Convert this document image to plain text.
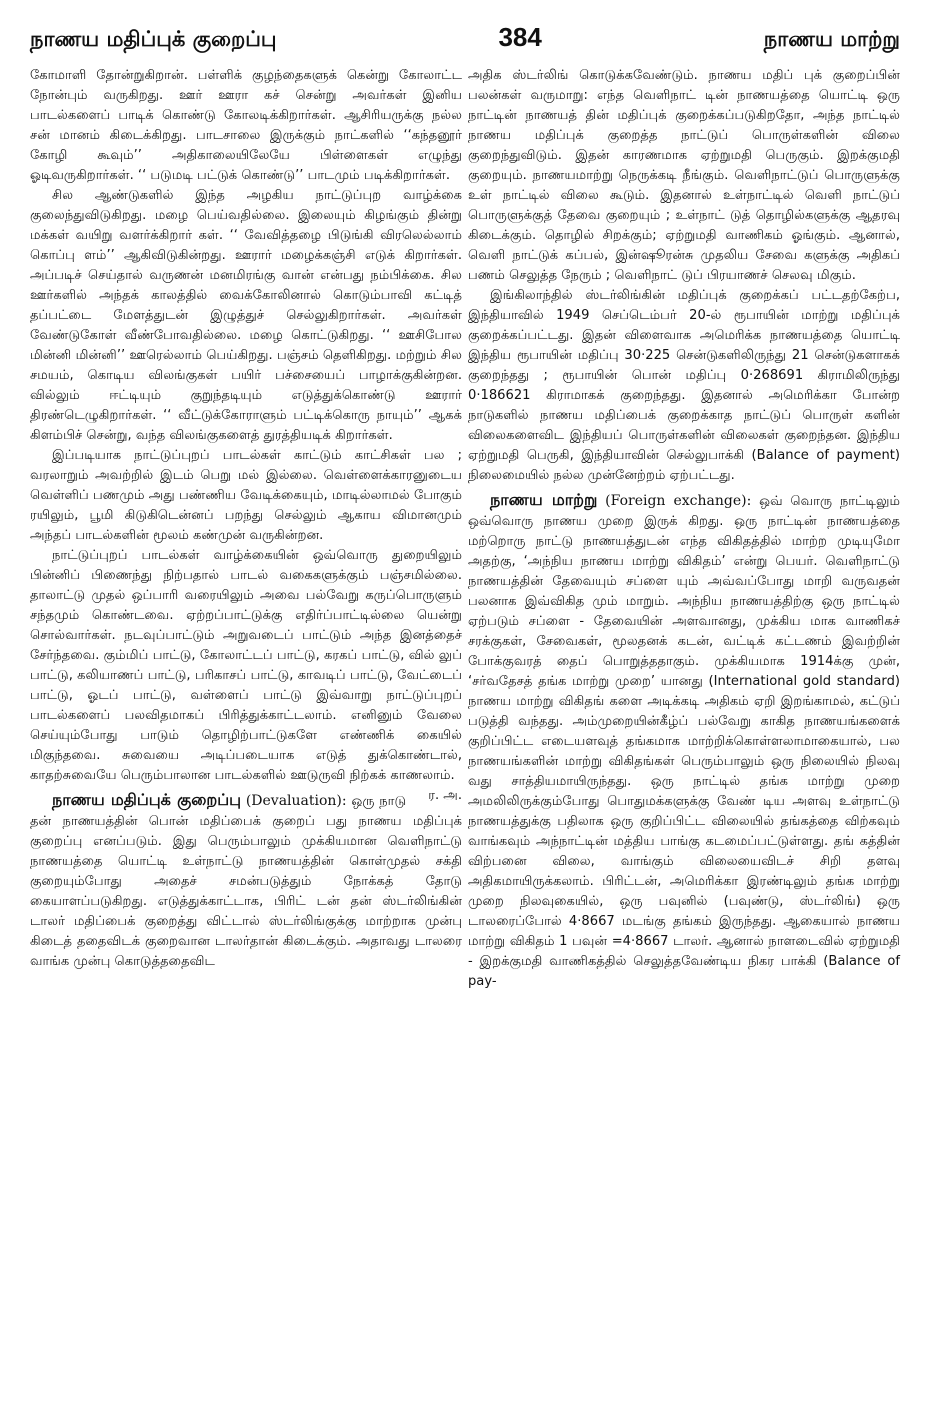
நாணய மதிப்புக் குறைப்பு	384	நாணய மாற்று

கோமாளி தோன்றுகிறான். பள்ளிக் குழந்தைகளுக் கென்று கோலாட்ட நோன்பும் வருகிறது. ஊர் ஊரா கச் சென்று அவர்கள் இனிய பாடல்களைப் பாடிக் கொண்டு கோலடிக்கிறார்கள். ஆசிரியருக்கு நல்ல சன் மானம் கிடைக்கிறது. பாடசாலை இருக்கும் நாட்களில் ‘‘கந்தனூர் கோழி கூவும்’’ அதிகாலையிலேயே பிள்ளைகள் எழுந்து ஓடிவருகிறார்கள். ‘‘ படுமடி பட்டுக் கொண்டு’’ பாடமும் படிக்கிறார்கள்.

சில ஆண்டுகளில் இந்த அழகிய நாட்டுப்புற வாழ்க்கை குலைந்துவிடுகிறது. மழை பெய்வதில்லை. இலையும் கிழங்கும் தின்று மக்கள் வயிறு வளர்க்கிறார் கள். ‘‘ வேவித்தழை பிடுங்கி விரலெல்லாம் கொப்பு ளம்’’ ஆகிவிடுகின்றது. ஊரார் மழைக்கஞ்சி எடுக் கிறார்கள். அப்படிச் செய்தால் வருணன் மனமிரங்கு வான் என்பது நம்பிக்கை. சில ஊர்களில் அந்தக் காலத்தில் வைக்கோலினால் கொடும்பாவி கட்டித் தப்பட்டை மேளத்துடன் இழுத்துச் செல்லுகிறார்கள். அவர்கள் வேண்டுகோள் வீண்போவதில்லை. மழை கொட்டுகிறது. ‘‘ ஊசிபோல மின்னி மின்னி’’ ஊரெல்லாம் பெய்கிறது. பஞ்சம் தெளிகிறது. மற்றும் சில சமயம், கொடிய விலங்குகள் பயிர் பச்சையைப் பாழாக்குகின்றன. வில்லும் ஈட்டியும் குறுந்தடியும் எடுத்துக்கொண்டு ஊரார் திரண்டெழுகிறார்கள். ‘‘ வீட்டுக்கோராளும் பட்டிக்கொரு நாயும்’’ ஆகக் கிளம்பிச் சென்று, வந்த விலங்குகளைத் துரத்தியடிக் கிறார்கள்.

இப்படியாக நாட்டுப்புறப் பாடல்கள் காட்டும் காட்சிகள் பல ; வரலாறும் அவற்றில் இடம் பெறு மல் இல்லை. வெள்ளைக்காரனுடைய வெள்ளிப் பணமும் அது பண்ணிய வேடிக்கையும், மாடில்லாமல் போகும் ரயிலும், பூமி கிடுகிடென்னப் பறந்து செல்லும் ஆகாய விமானமும் அந்தப் பாடல்களின் மூலம் கண்முன் வருகின்றன.

நாட்டுப்புறப் பாடல்கள் வாழ்க்கையின் ஒவ்வொரு துறையிலும் பின்னிப் பிணைந்து நிற்பதால் பாடல் வகைகளுக்கும் பஞ்சமில்லை. தாலாட்டு முதல் ஒப்பாரி வரையிலும் அவை பல்வேறு கருப்பொருளும் சந்தமும் கொண்டவை. ஏற்றப்பாட்டுக்கு எதிர்ப்பாட்டில்லை யென்று சொல்வார்கள். நடவுப்பாட்டும் அறுவடைப் பாட்டும் அந்த இனத்தைச் சேர்ந்தவை. கும்மிப் பாட்டு, கோலாட்டப் பாட்டு, கரகப் பாட்டு, வில் லுப் பாட்டு, கலியாணப் பாட்டு, பரிகாசப் பாட்டு, காவடிப் பாட்டு, வேட்டைப் பாட்டு, ஓடப் பாட்டு, வள்ளைப் பாட்டு இவ்வாறு நாட்டுப்புறப் பாடல்களைப் பலவிதமாகப் பிரித்துக்காட்டலாம். எனினும் வேலை செய்யும்போது பாடும் தொழிற்பாட்டுகளே எண்ணிக் கையில் மிகுந்தவை. சுவையை அடிப்படையாக எடுத் துக்கொண்டால், காதற்சுவையே பெரும்பாலான பாடல்களில் ஊடுருவி நிற்கக் காணலாம்.
ர. அ.

நாணய மதிப்புக் குறைப்பு (Devaluation): ஒரு நாடு தன் நாணயத்தின் பொன் மதிப்பைக் குறைப் பது நாணய மதிப்புக் குறைப்பு எனப்படும். இது பெரும்பாலும் முக்கியமான வெளிநாட்டு நாணயத்தை யொட்டி உள்நாட்டு நாணயத்தின் கொள்முதல் சக்தி குறையும்போது அதைச் சமன்படுத்தும் நோக்கத் தோடு கையாளப்படுகிறது. எடுத்துக்காட்டாக, பிரிட் டன் தன் ஸ்டர்லிங்கின் டாலர் மதிப்பைக் குறைத்து விட்டால் ஸ்டர்லிங்குக்கு மாற்றாக முன்பு கிடைத் ததைவிடக் குறைவான டாலர்தான் கிடைக்கும். அதாவது டாலரை வாங்க முன்பு கொடுத்ததைவிட

அதிக ஸ்டர்லிங் கொடுக்கவேண்டும். நாணய மதிப் புக் குறைப்பின் பலன்கள் வருமாறு: எந்த வெளிநாட் டின் நாணயத்தை யொட்டி ஒரு நாட்டின் நாணயத் தின் மதிப்புக் குறைக்கப்படுகிறதோ, அந்த நாட்டில் நாணய மதிப்புக் குறைத்த நாட்டுப் பொருள்களின் விலை குறைந்துவிடும். இதன் காரணமாக ஏற்றுமதி பெருகும். இறக்குமதி குறையும். நாணயமாற்று நெருக்கடி நீங்கும். வெளிநாட்டுப் பொருளுக்கு உள் நாட்டில் விலை கூடும். இதனால் உள்நாட்டில் வெளி நாட்டுப் பொருளுக்குத் தேவை குறையும் ; உள்நாட் டுத் தொழில்களுக்கு ஆதரவு கிடைக்கும். தொழில் சிறக்கும்; ஏற்றுமதி வாணிகம் ஓங்கும். ஆனால், வெளி நாட்டுக் கப்பல், இன்ஷூரன்சு முதலிய சேவை களுக்கு அதிகப் பணம் செலுத்த நேரும் ; வெளிநாட் டுப் பிரயாணச் செலவு மிகும்.

இங்கிலாந்தில் ஸ்டர்லிங்கின் மதிப்புக் குறைக்கப் பட்டதற்கேற்ப, இந்தியாவில் 1949 செப்டெம்பர் 20-ல் ரூபாயின் மாற்று மதிப்புக் குறைக்கப்பட்டது. இதன் விளைவாக அமெரிக்க நாணயத்தை யொட்டி இந்திய ரூபாயின் மதிப்பு 30·225 சென்டுகளிலிருந்து 21 சென்டுகளாகக் குறைந்தது ; ரூபாயின் பொன் மதிப்பு 0·268691 கிராமிலிருந்து 0·186621 கிராமாகக் குறைந்தது. இதனால் அமெரிக்கா போன்ற நாடுகளில் நாணய மதிப்பைக் குறைக்காத நாட்டுப் பொருள் களின் விலைகளைவிட இந்தியப் பொருள்களின் விலைகள் குறைந்தன. இந்திய ஏற்றுமதி பெருகி, இந்தியாவின் செல்லுபாக்கி (Balance of payment) நிலைமையில் நல்ல முன்னேற்றம் ஏற்பட்டது.

நாணய மாற்று (Foreign exchange): ஒவ் வொரு நாட்டிலும் ஒவ்வொரு நாணய முறை இருக் கிறது. ஒரு நாட்டின் நாணயத்தை மற்றொரு நாட்டு நாணயத்துடன் எந்த விகிதத்தில் மாற்ற முடியுமோ அதற்கு, ‘அந்நிய நாணய மாற்று விகிதம்’ என்று பெயர். வெளிநாட்டு நாணயத்தின் தேவையும் சப்ளை யும் அவ்வப்போது மாறி வருவதன் பலனாக இவ்விகித மும் மாறும். அந்நிய நாணயத்திற்கு ஒரு நாட்டில் ஏற்படும் சப்ளை - தேவையின் அளவானது, முக்கிய மாக வாணிகச் சரக்குகள், சேவைகள், மூலதனக் கடன், வட்டிக் கட்டணம் இவற்றின் போக்குவரத் தைப் பொறுத்ததாகும். முக்கியமாக 1914க்கு முன், ‘சர்வதேசத் தங்க மாற்று முறை’ யானது (International gold standard) நாணய மாற்று விகிதங் களை அடிக்கடி அதிகம் ஏறி இறங்காமல், கட்டுப் படுத்தி வந்தது. அம்முறையின்கீழ்ப் பல்வேறு காகித நாணயங்களைக் குறிப்பிட்ட எடையளவுத் தங்கமாக மாற்றிக்கொள்ளலாமாகையால், பல நாணயங்களின் மாற்று விகிதங்கள் பெரும்பாலும் ஒரு நிலையில் நிலவு வது சாத்தியமாயிருந்தது. ஒரு நாட்டில் தங்க மாற்று முறை அமலிலிருக்கும்போது பொதுமக்களுக்கு வேண் டிய அளவு உள்நாட்டு நாணயத்துக்கு பதிலாக ஒரு குறிப்பிட்ட விலையில் தங்கத்தை விற்கவும் வாங்கவும் அந்நாட்டின் மத்திய பாங்கு கடமைப்பட்டுள்ளது. தங் கத்தின் விற்பனை விலை, வாங்கும் விலையைவிடச் சிறி தளவு அதிகமாயிருக்கலாம். பிரிட்டன், அமெரிக்கா இரண்டிலும் தங்க மாற்று முறை நிலவுகையில், ஒரு பவுனில் (பவுண்டு, ஸ்டர்லிங்) ஒரு டாலரைப்போல் 4·8667 மடங்கு தங்கம் இருந்தது. ஆகையால் நாணய மாற்று விகிதம் 1 பவுன் =4·8667 டாலர். ஆனால் நாளடைவில் ஏற்றுமதி - இறக்குமதி வாணிகத்தில் செலுத்தவேண்டிய நிகர பாக்கி (Balance of pay-
